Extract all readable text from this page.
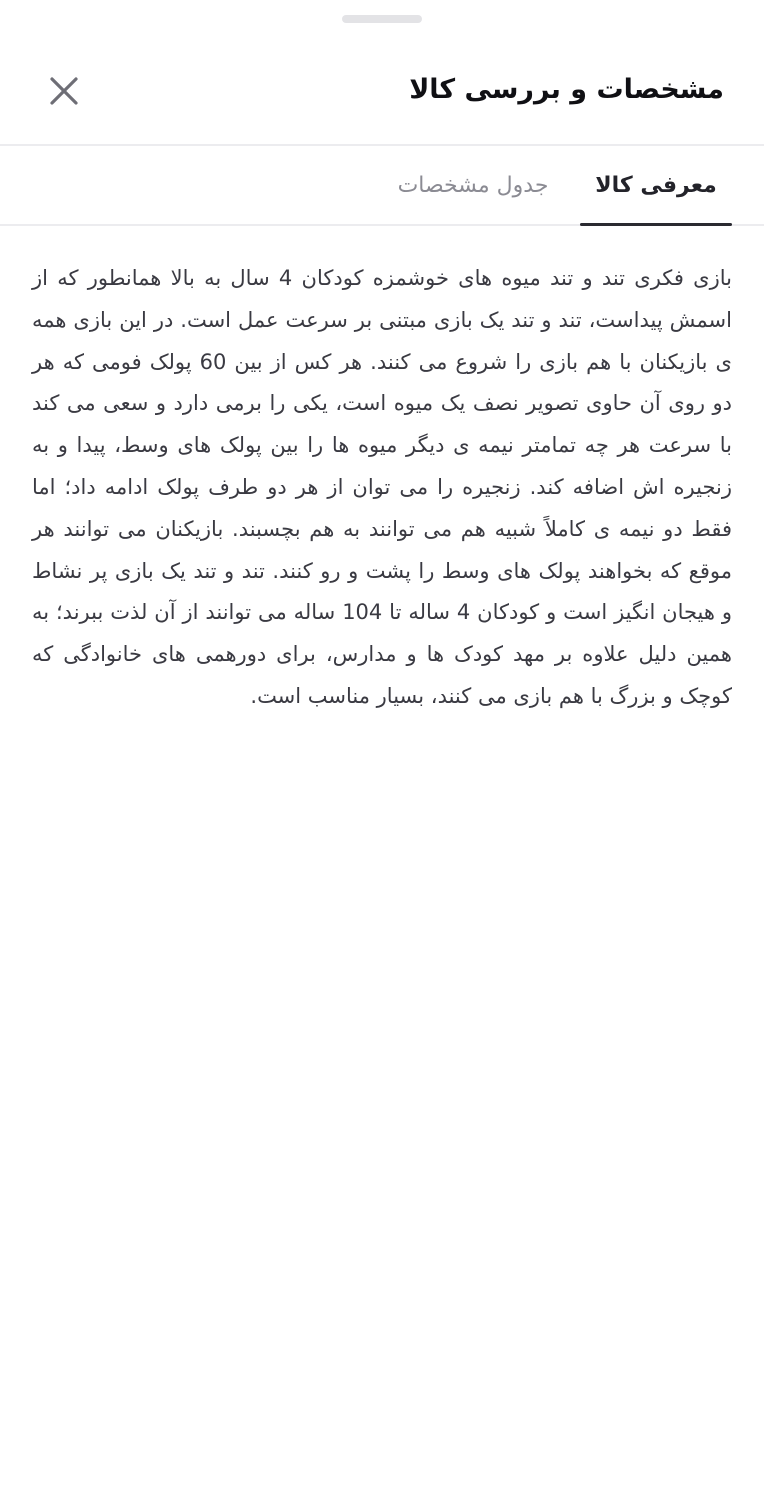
مشخصات و بررسی کالا
معرفی کالا
جدول مشخصات
بازی فکری تند و تند میوه های خوشمزه کودکان 4 سال به بالا همانطور که از اسمش پیداست، تند و تند یک بازی مبتنی بر سرعت عمل است. در این بازی همه ی بازیکنان با هم بازی را شروع می کنند. هر کس از بین 60 پولک فومی که هر دو روی آن حاوی تصویر نصف یک میوه است، یکی را برمی دارد و سعی می کند با سرعت هر چه تمامتر نیمه ی دیگر میوه ها را بین پولک های وسط، پیدا و به زنجیره اش اضافه کند. زنجیره را می توان از هر دو طرف پولک ادامه داد؛ اما فقط دو نیمه ی کاملاً شبیه هم می توانند به هم بچسبند. بازیکنان می توانند هر موقع که بخواهند پولک های وسط را پشت و رو کنند. تند و تند یک بازی پر نشاط و هیجان انگیز است و کودکان 4 ساله تا 104 ساله می توانند از آن لذت ببرند؛ به همین دلیل علاوه بر مهد کودک ها و مدارس، برای دورهمی های خانوادگی که کوچک و بزرگ با هم بازی می کنند، بسیار مناسب است.
